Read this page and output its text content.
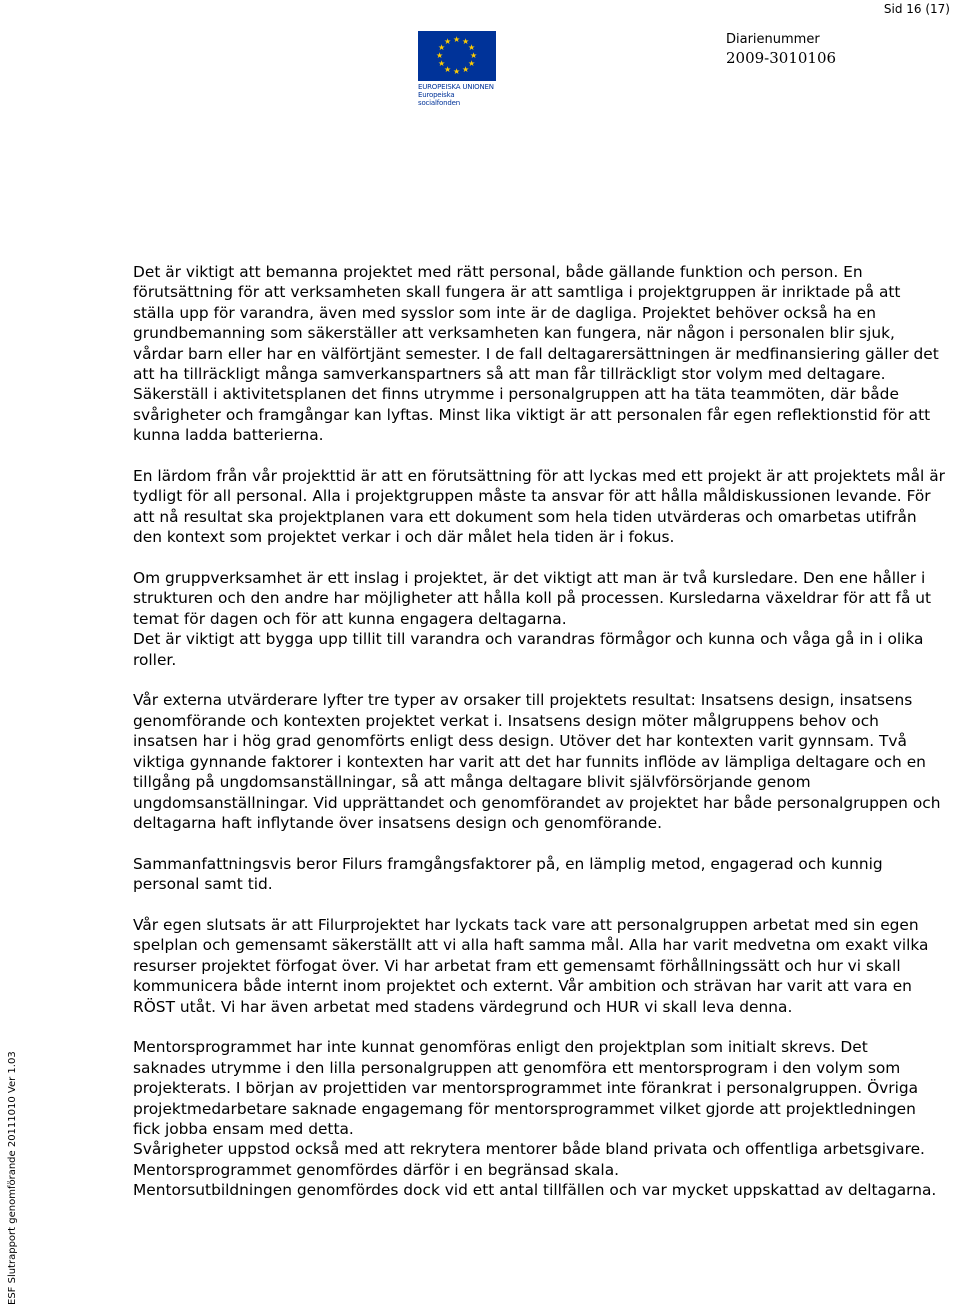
Sid 16 (17)
★ ★
★
★
★
★
★
★
★
★
★
★
EUROPEISKA UNIONEN
Europeiska socialfonden
Diarienummer
2009-3010106
ESF Slutrapport genomförande 20111010 Ver 1.03

Det är viktigt att bemanna projektet med rätt personal, både gällande funktion och person. En förutsättning för att verksamheten skall fungera är att samtliga i projektgruppen är inriktade på att ställa upp för varandra, även med sysslor som inte är de dagliga. Projektet behöver också ha en grundbemanning som säkerställer att verksamheten kan fungera, när någon i personalen blir sjuk, vårdar barn eller har en välförtjänt semester. I de fall deltagarersättningen är medfinansiering gäller det att ha tillräckligt många samverkanspartners så att man får tillräckligt stor volym med deltagare.

Säkerställ i aktivitetsplanen det finns utrymme i personalgruppen att ha täta teammöten, där både svårigheter och framgångar kan lyftas. Minst lika viktigt är att personalen får egen reflektionstid för att kunna ladda batterierna.

En lärdom från vår projekttid är att en förutsättning för att lyckas med ett projekt är att projektets mål är tydligt för all personal. Alla i projektgruppen måste ta ansvar för att hålla måldiskussionen levande. För att nå resultat ska projektplanen vara ett dokument som hela tiden utvärderas och omarbetas utifrån den kontext som projektet verkar i och där målet hela tiden är i fokus.

Om gruppverksamhet är ett inslag i projektet, är det viktigt att man är två kursledare. Den ene håller i strukturen och den andre har möjligheter att hålla koll på processen. Kursledarna växeldrar för att få ut temat för dagen och för att kunna engagera deltagarna.

Det är viktigt att bygga upp tillit till varandra och varandras förmågor och kunna och våga gå in i olika roller.

Vår externa utvärderare lyfter tre typer av orsaker till projektets resultat: Insatsens design, insatsens genomförande och kontexten projektet verkat i. Insatsens design möter målgruppens behov och insatsen har i hög grad genomförts enligt dess design. Utöver det har kontexten varit gynnsam. Två viktiga gynnande faktorer i kontexten har varit att det har funnits inflöde av lämpliga deltagare och en tillgång på ungdomsanställningar, så att många deltagare blivit självförsörjande genom ungdomsanställningar. Vid upprättandet och genomförandet av projektet har både personalgruppen och deltagarna haft inflytande över insatsens design och genomförande.

Sammanfattningsvis beror Filurs framgångsfaktorer på, en lämplig metod, engagerad och kunnig personal samt tid.

Vår egen slutsats är att Filurprojektet har lyckats tack vare att personalgruppen arbetat med sin egen spelplan och gemensamt säkerställt att vi alla haft samma mål. Alla har varit medvetna om exakt vilka resurser projektet förfogat över. Vi har arbetat fram ett gemensamt förhållningssätt och hur vi skall kommunicera både internt inom projektet och externt. Vår ambition och strävan har varit att vara en RÖST utåt. Vi har även arbetat med stadens värdegrund och HUR vi skall leva denna.

Mentorsprogrammet har inte kunnat genomföras enligt den projektplan som initialt skrevs. Det saknades utrymme i den lilla personalgruppen att genomföra ett mentorsprogram i den volym som projekterats. I början av projettiden var mentorsprogrammet inte förankrat i personalgruppen. Övriga projektmedarbetare saknade engagemang för mentorsprogrammet vilket gjorde att projektledningen fick jobba ensam med detta.

Svårigheter uppstod också med att rekrytera mentorer både bland privata och offentliga arbetsgivare. Mentorsprogrammet genomfördes därför i en begränsad skala.

Mentorsutbildningen genomfördes dock vid ett antal tillfällen och var mycket uppskattad av deltagarna.
